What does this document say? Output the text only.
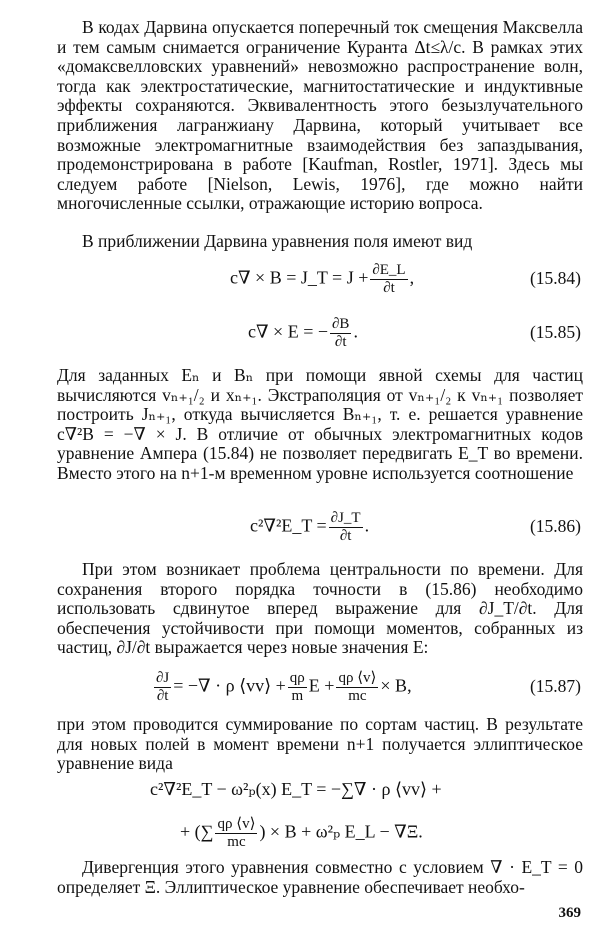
В кодах Дарвина опускается поперечный ток смещения Максвелла и тем самым снимается ограничение Куранта Δt≤λ/c. В рамках этих «домаксвелловских уравнений» невозможно распространение волн, тогда как электростатические, магнитостатические и индуктивные эффекты сохраняются. Эквивалентность этого безызлучательного приближения лагранжиану Дарвина, который учитывает все возможные электромагнитные взаимодействия без запаздывания, продемонстрирована в работе [Kaufman, Rostler, 1971]. Здесь мы следуем работе [Nielson, Lewis, 1976], где можно найти многочисленные ссылки, отражающие историю вопроса.

В приближении Дарвина уравнения поля имеют вид

c∇ × B = J_T = $J + \frac{\partial E\_L}{\partial t}$ ,	(15.84)
c∇ × E = − $\frac{\partial B}{\partial t}$ .	(15.85)

Для заданных Eₙ и Bₙ при помощи явной схемы для частиц вычисляются vₙ₊₁/₂ и xₙ₊₁. Экстраполяция от vₙ₊₁/₂ к vₙ₊₁ позволяет построить Jₙ₊₁, откуда вычисляется Bₙ₊₁, т. е. решается уравнение c∇²B = −∇ × J. В отличие от обычных электромагнитных кодов уравнение Ампера (15.84) не позволяет передвигать E_T во времени. Вместо этого на n+1-м временном уровне используется соотношение

c²∇²E_T = $\frac{\partial J\_T}{\partial t}$ .	(15.86)

При этом возникает проблема центральности по времени. Для сохранения второго порядка точности в (15.86) необходимо использовать сдвинутое вперед выражение для ∂J_T/∂t. Для обеспечения устойчивости при помощи моментов, собранных из частиц, ∂J/∂t выражается через новые значения E:

$\frac{\partial J}{\partial t}$ = −∇ · ρ ⟨vv⟩ + $\frac{q\rho}{m}$ $E + \frac{q\rho ⟨v⟩}{mc} \times B$,	(15.87)

при этом проводится суммирование по сортам частиц. В результате для новых полей в момент времени n+1 получается эллиптическое уравнение вида

c²∇²E_T − ω²ₚ(x) E_T = −∑∇ · ρ ⟨vv⟩ +
+ (∑ $\frac{q\rho ⟨v⟩}{mc}$ ) × B + ω²ₚ E_L − ∇Ξ.

Дивергенция этого уравнения совместно с условием ∇ · E_T = 0 определяет Ξ. Эллиптическое уравнение обеспечивает необхо-

369
